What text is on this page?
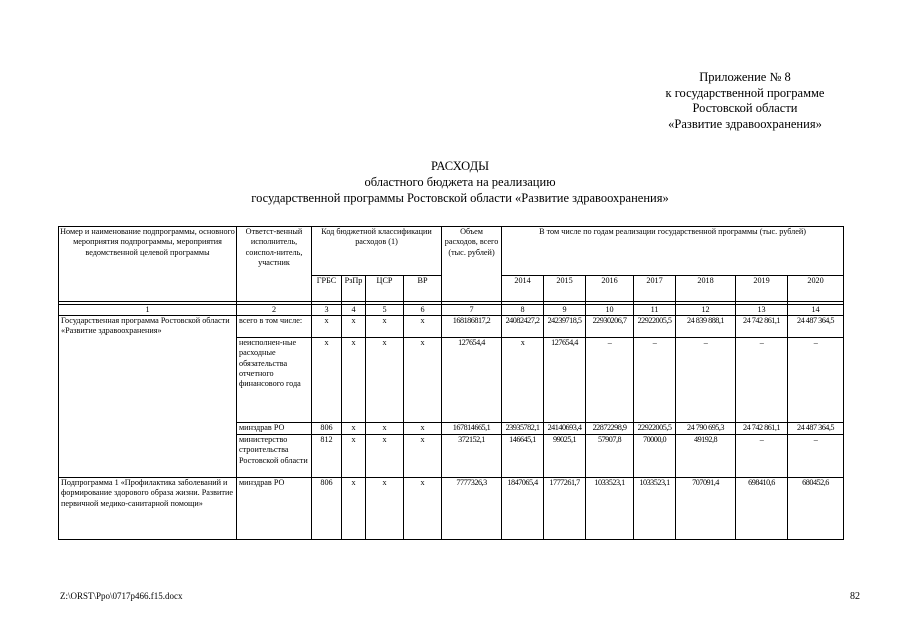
Приложение № 8
к государственной программе
Ростовской области
«Развитие здравоохранения»
РАСХОДЫ
областного бюджета на реализацию
государственной программы Ростовской области «Развитие здравоохранения»
Номер и наименование подпрограммы, основного мероприятия подпрограммы, мероприятия ведомственной целевой программы	Ответст-венный исполнитель, соиспол-нитель, участник	Код бюджетной классификации расходов (1)				Объем расходов, всего (тыс. рублей)	В том числе по годам реализации государственной программы (тыс. рублей)						
		ГРБС	РзПр	ЦСР	ВР		2014	2015	2016	2017	2018	2019	2020

1	2	3	4	5	6	7	8	9	10	11	12	13	14
Государственная программа Ростовской области «Развитие здравоохранения»	всего в том числе:	х	х	х	х	168186817,2	24082427,2	24239718,5	22930206,7	22922005,5	24 839 888,1	24 742 861,1	24 487 364,5
	неисполнен-ные расходные обязательства отчетного финансового года	х	х	х	х	127654,4	х	127654,4	–	–	–	–	–
	минздрав РО	806	х	х	х	167814665,1	23935782,1	24140693,4	22872298,9	22922005,5	24 790 695,3	24 742 861,1	24 487 364,5
	министерство строительства Ростовской области	812	х	х	х	372152,1	146645,1	99025,1	57907,8	70000,0	49192,8	–	–
Подпрограмма 1 «Профилактика заболеваний и формирование здорового образа жизни. Развитие первичной медико-санитарной помощи»	минздрав РО	806	х	х	х	7777326,3	1847065,4	1777261,7	1033523,1	1033523,1	707091,4	698410,6	680452,6
Z:\ORST\Ppo\0717p466.f15.docx	82
